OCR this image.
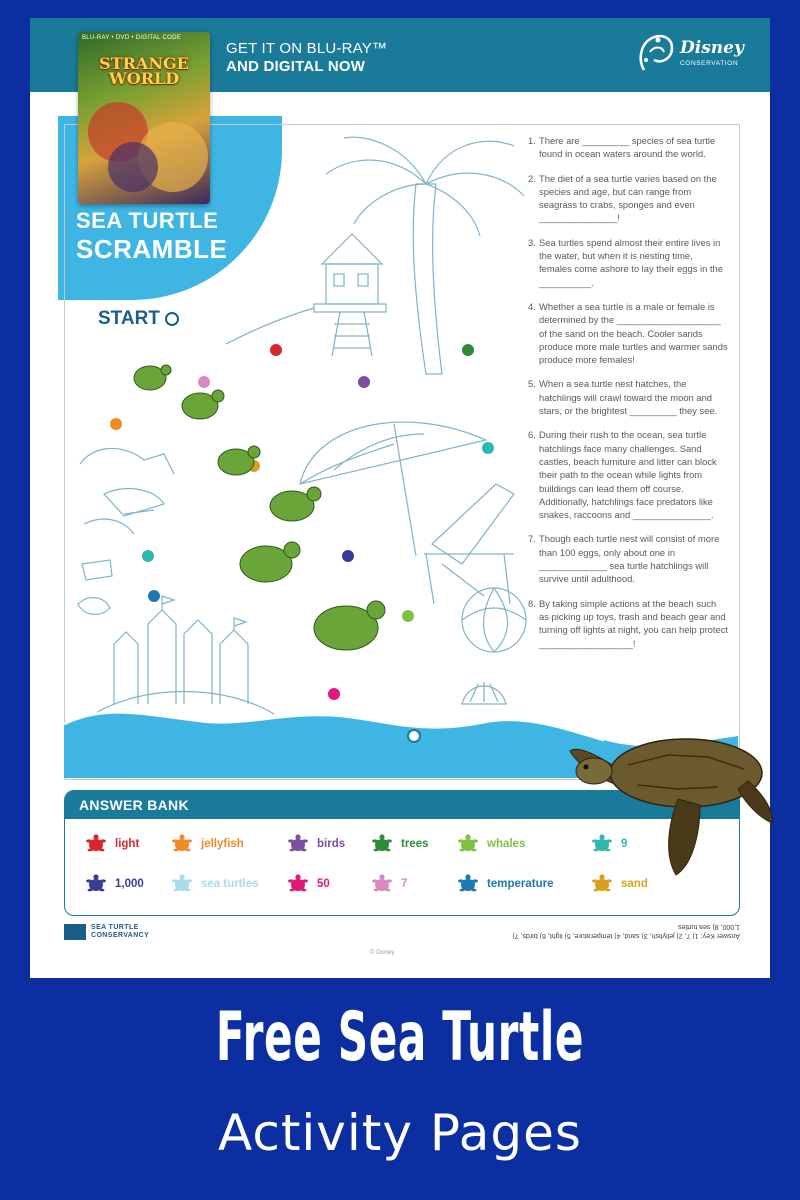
GET IT ON BLU-RAY™
AND DIGITAL NOW
Disney
CONSERVATION
SEA TURTLE
SCRAMBLE
BLU-RAY • DVD • DIGITAL CODE
STRANGE
WORLD
START
1. There are _________ species of sea turtle found in ocean waters around the world.
2. The diet of a sea turtle varies based on the species and age, but can range from seagrass to crabs, sponges and even _______________!
3. Sea turtles spend almost their entire lives in the water, but when it is nesting time, females come ashore to lay their eggs in the __________.
4. Whether a sea turtle is a male or female is determined by the ____________________ of the sand on the beach. Cooler sands produce more male turtles and warmer sands produce more females!
5. When a sea turtle nest hatches, the hatchlings will crawl toward the moon and stars, or the brightest _________ they see.
6. During their rush to the ocean, sea turtle hatchlings face many challenges. Sand castles, beach furniture and litter can block their path to the ocean while lights from buildings can lead them off course. Additionally, hatchlings face predators like snakes, raccoons and _______________.
7. Though each turtle nest will consist of more than 100 eggs, only about one in _____________ sea turtle hatchlings will survive until adulthood.
8. By taking simple actions at the beach such as picking up toys, trash and beach gear and turning off lights at night, you can help protect __________________!
ANSWER BANK
light	jellyfish	birds	trees	whales	9
1,000	sea turtles	50	7	temperature	sand
SEA TURTLE
CONSERVANCY	Answer Key: 1) 7, 2) jellyfish, 3) sand, 4) temperature, 5) light, 6) birds, 7) 1,000, 8) sea turtles
© Disney
Free Sea Turtle
Activity Pages
